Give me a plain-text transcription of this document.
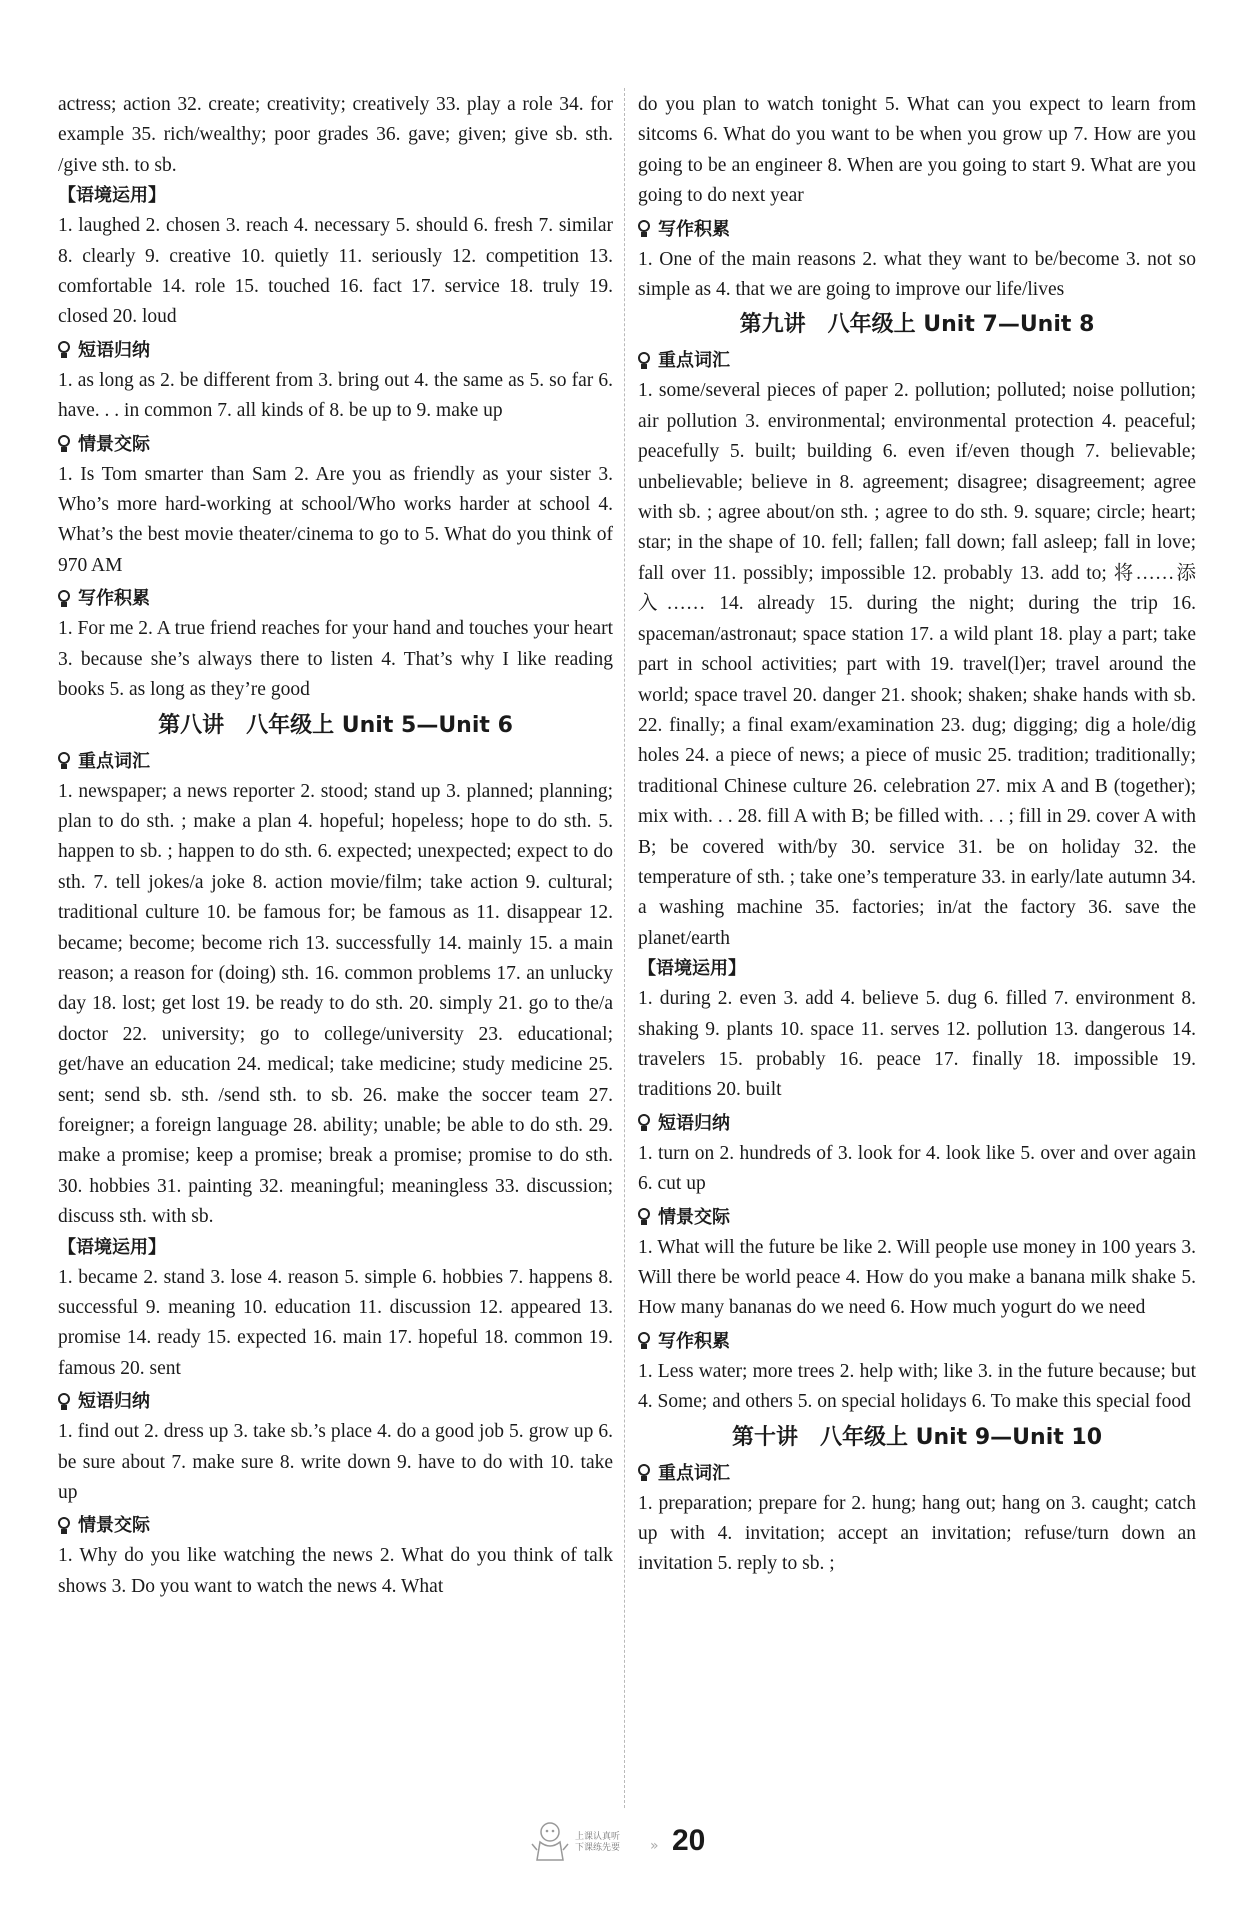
actress; action 32. create; creativity; creatively 33. play a role 34. for example 35. rich/wealthy; poor grades 36. gave; given; give sb. sth. /give sth. to sb.

【语境运用】

1. laughed 2. chosen 3. reach 4. necessary 5. should 6. fresh 7. similar 8. clearly 9. creative 10. quietly 11. seriously 12. competition 13. comfortable 14. role 15. touched 16. fact 17. service 18. truly 19. closed 20. loud

短语归纳

1. as long as 2. be different from 3. bring out 4. the same as 5. so far 6. have. . . in common 7. all kinds of 8. be up to 9. make up

情景交际

1. Is Tom smarter than Sam 2. Are you as friendly as your sister 3. Who’s more hard-working at school/Who works harder at school 4. What’s the best movie theater/cinema to go to 5. What do you think of 970 AM

写作积累

1. For me 2. A true friend reaches for your hand and touches your heart 3. because she’s always there to listen 4. That’s why I like reading books 5. as long as they’re good

第八讲　八年级上 Unit 5—Unit 6
重点词汇

1. newspaper; a news reporter 2. stood; stand up 3. planned; planning; plan to do sth. ; make a plan 4. hopeful; hopeless; hope to do sth. 5. happen to sb. ; happen to do sth. 6. expected; unexpected; expect to do sth. 7. tell jokes/a joke 8. action movie/film; take action 9. cultural; traditional culture 10. be famous for; be famous as 11. disappear 12. became; become; become rich 13. successfully 14. mainly 15. a main reason; a reason for (doing) sth. 16. common problems 17. an unlucky day 18. lost; get lost 19. be ready to do sth. 20. simply 21. go to the/a doctor 22. university; go to college/university 23. educational; get/have an education 24. medical; take medicine; study medicine 25. sent; send sb. sth. /send sth. to sb. 26. make the soccer team 27. foreigner; a foreign language 28. ability; unable; be able to do sth. 29. make a promise; keep a promise; break a promise; promise to do sth. 30. hobbies 31. painting 32. meaningful; meaningless 33. discussion; discuss sth. with sb.

【语境运用】

1. became 2. stand 3. lose 4. reason 5. simple 6. hobbies 7. happens 8. successful 9. meaning 10. education 11. discussion 12. appeared 13. promise 14. ready 15. expected 16. main 17. hopeful 18. common 19. famous 20. sent

短语归纳

1. find out 2. dress up 3. take sb.’s place 4. do a good job 5. grow up 6. be sure about 7. make sure 8. write down 9. have to do with 10. take up

情景交际

1. Why do you like watching the news 2. What do you think of talk shows 3. Do you want to watch the news 4. What

do you plan to watch tonight 5. What can you expect to learn from sitcoms 6. What do you want to be when you grow up 7. How are you going to be an engineer 8. When are you going to start 9. What are you going to do next year

写作积累

1. One of the main reasons 2. what they want to be/become 3. not so simple as 4. that we are going to improve our life/lives

第九讲　八年级上 Unit 7—Unit 8
重点词汇

1. some/several pieces of paper 2. pollution; polluted; noise pollution; air pollution 3. environmental; environmental protection 4. peaceful; peacefully 5. built; building 6. even if/even though 7. believable; unbelievable; believe in 8. agreement; disagree; disagreement; agree with sb. ; agree about/on sth. ; agree to do sth. 9. square; circle; heart; star; in the shape of 10. fell; fallen; fall down; fall asleep; fall in love; fall over 11. possibly; impossible 12. probably 13. add to; 将……添入…… 14. already 15. during the night; during the trip 16. spaceman/astronaut; space station 17. a wild plant 18. play a part; take part in school activities; part with 19. travel(l)er; travel around the world; space travel 20. danger 21. shook; shaken; shake hands with sb. 22. finally; a final exam/examination 23. dug; digging; dig a hole/dig holes 24. a piece of news; a piece of music 25. tradition; traditionally; traditional Chinese culture 26. celebration 27. mix A and B (together); mix with. . . 28. fill A with B; be filled with. . . ; fill in 29. cover A with B; be covered with/by 30. service 31. be on holiday 32. the temperature of sth. ; take one’s temperature 33. in early/late autumn 34. a washing machine 35. factories; in/at the factory 36. save the planet/earth

【语境运用】

1. during 2. even 3. add 4. believe 5. dug 6. filled 7. environment 8. shaking 9. plants 10. space 11. serves 12. pollution 13. dangerous 14. travelers 15. probably 16. peace 17. finally 18. impossible 19. traditions 20. built

短语归纳

1. turn on 2. hundreds of 3. look for 4. look like 5. over and over again 6. cut up

情景交际

1. What will the future be like 2. Will people use money in 100 years 3. Will there be world peace 4. How do you make a banana milk shake 5. How many bananas do we need 6. How much yogurt do we need

写作积累

1. Less water; more trees 2. help with; like 3. in the future because; but 4. Some; and others 5. on special holidays 6. To make this special food

第十讲　八年级上 Unit 9—Unit 10
重点词汇

1. preparation; prepare for 2. hung; hang out; hang on 3. caught; catch up with 4. invitation; accept an invitation; refuse/turn down an invitation 5. reply to sb. ;

上课认真听
下课练先要 » 20
